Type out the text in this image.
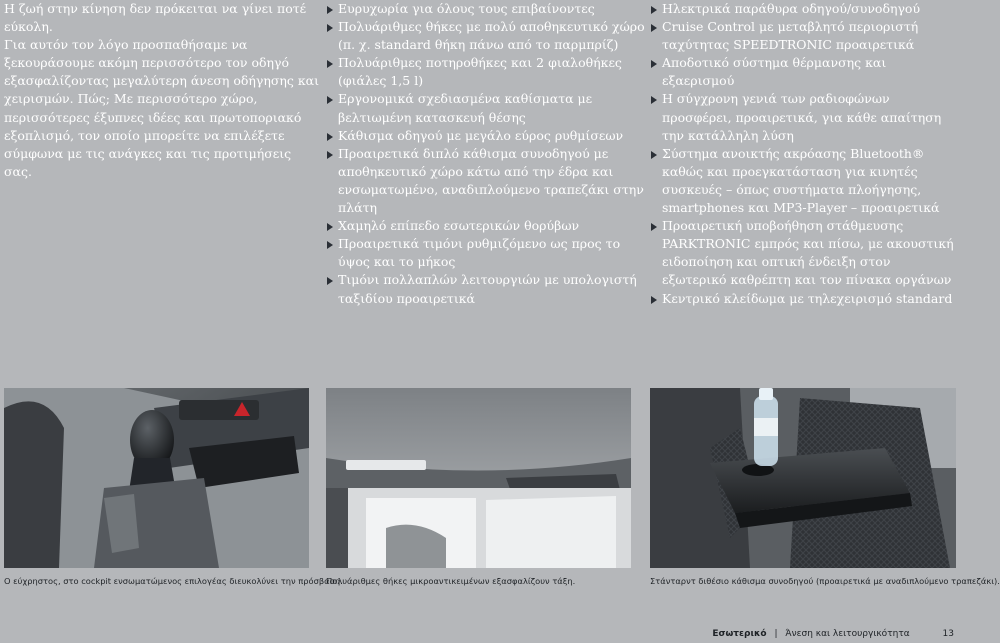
Η ζωή στην κίνηση δεν πρόκειται να γίνει ποτέ εύκολη.

Για αυτόν τον λόγο προσπαθήσαμε να ξεκουράσουμε ακόμη περισσότερο τον οδηγό εξασφαλίζοντας μεγαλύτερη άνεση οδήγησης και χειρισμών. Πώς; Με περισσότερο χώρο, περισσότερες έξυπνες ιδέες και πρωτοποριακό εξοπλισμό, τον οποίο μπορείτε να επιλέξετε σύμφωνα με τις ανάγκες και τις προτιμήσεις σας.

Ευρυχωρία για όλους τους επιβαίνοντες
Πολυάριθμες θήκες με πολύ αποθηκευτικό χώρο (π. χ. standard θήκη πάνω από το παρμπρίζ)
Πολυάριθμες ποτηροθήκες και 2 φιαλοθήκες (φιάλες 1,5 l)
Εργονομικά σχεδιασμένα καθίσματα με βελτιωμένη κατασκευή θέσης
Κάθισμα οδηγού με μεγάλο εύρος ρυθμίσεων
Προαιρετικά διπλό κάθισμα συνοδηγού με αποθηκευτικό χώρο κάτω από την έδρα και ενσωματωμένο, αναδιπλούμενο τραπεζάκι στην πλάτη
Χαμηλό επίπεδο εσωτερικών θορύβων
Προαιρετικά τιμόνι ρυθμιζόμενο ως προς το ύψος και το μήκος
Τιμόνι πολλαπλών λειτουργιών με υπολογιστή ταξιδίου προαιρετικά
Ηλεκτρικά παράθυρα οδηγού/συνοδηγού
Cruise Control με μεταβλητό περιοριστή ταχύτητας SPEEDTRONIC προαιρετικά
Αποδοτικό σύστημα θέρμανσης και εξαερισμού
Η σύγχρονη γενιά των ραδιοφώνων προσφέρει, προαιρετικά, για κάθε απαίτηση την κατάλληλη λύση
Σύστημα ανοικτής ακρόασης Bluetooth® καθώς και προεγκατάσταση για κινητές συσκευές – όπως συστήματα πλοήγησης, smartphones και MP3-Player – προαιρετικά
Προαιρετική υποβοήθηση στάθμευσης PARKTRONIC εμπρός και πίσω, με ακουστική ειδοποίηση και οπτική ένδειξη στον εξωτερικό καθρέπτη και τον πίνακα οργάνων
Κεντρικό κλείδωμα με τηλεχειρισμό standard
Ο εύχρηστος, στο cockpit ενσωματώμενος επιλογέας διευκολύνει την πρόσβαση.
Πολυάριθμες θήκες μικροαντικειμένων εξασφαλίζουν τάξη.	Στάνταρντ διθέσιο κάθισμα συνοδηγού (προαιρετικά με αναδιπλούμενο τραπεζάκι).
Εσωτερικό | Άνεση και λειτουργικότητα	13
